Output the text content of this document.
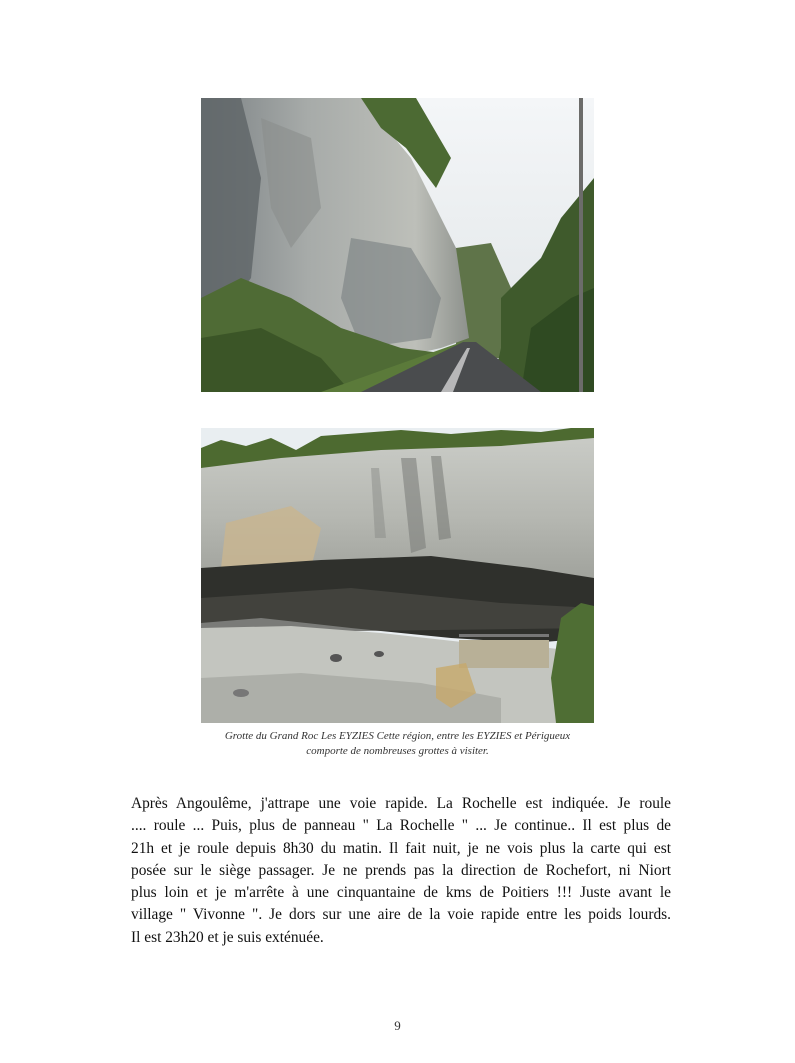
Grotte du Grand Roc Les EYZIES Cette région, entre les EYZIES et Périgueux
comporte de nombreuses grottes à visiter.
Après Angoulême, j'attrape une voie rapide. La Rochelle est indiquée. Je roule
.... roule ... Puis, plus de panneau " La Rochelle " ... Je continue.. Il est plus de
21h et je roule depuis 8h30 du matin. Il fait nuit, je ne vois plus la carte qui est
posée sur le siège passager. Je ne prends pas la direction de Rochefort, ni Niort
plus loin et je m'arrête à une cinquantaine de kms de Poitiers !!! Juste avant le
village " Vivonne ". Je dors sur une aire de la voie rapide entre les poids lourds.
Il est 23h20 et je suis exténuée.
9
